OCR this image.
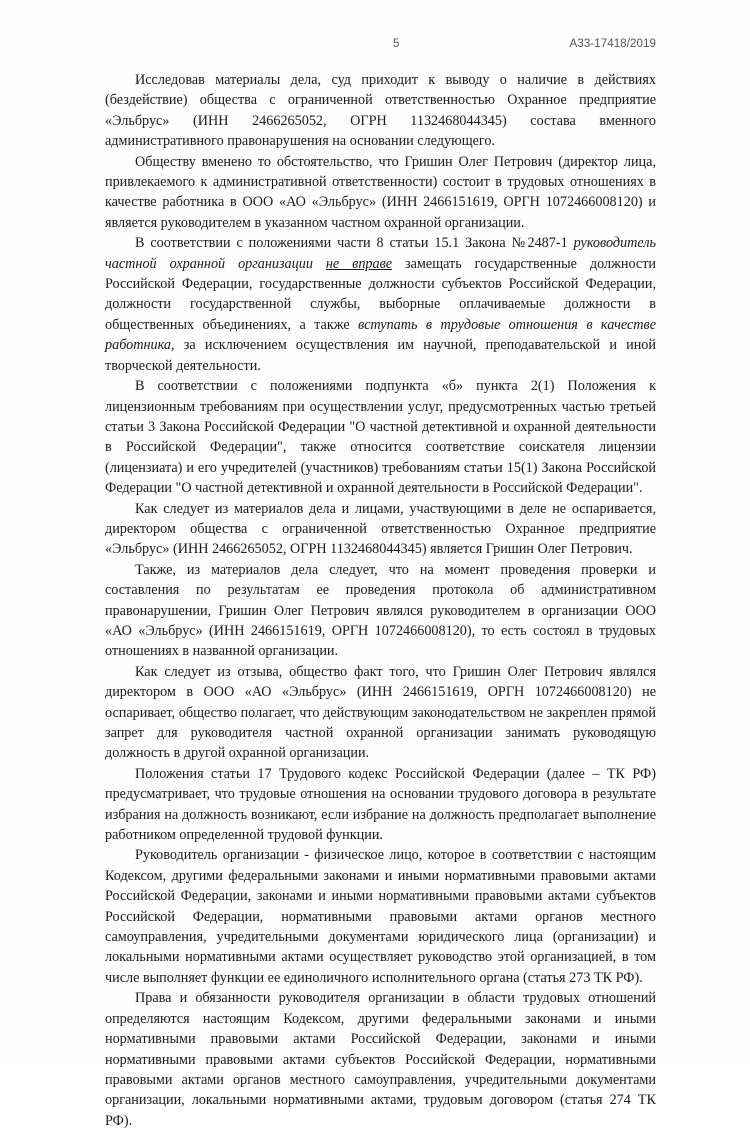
5	А33-17418/2019

Исследовав материалы дела, суд приходит к выводу о наличие в действиях (бездействие) общества с ограниченной ответственностью Охранное предприятие «Эльбрус» (ИНН 2466265052, ОГРН 1132468044345) состава вменного административного правонарушения на основании следующего.

Обществу вменено то обстоятельство, что Гришин Олег Петрович (директор лица, привлекаемого к административной ответственности) состоит в трудовых отношениях в качестве работника в ООО «АО «Эльбрус» (ИНН 2466151619, ОРГН 1072466008120) и является руководителем в указанном частном охранной организации.

В соответствии с положениями части 8 статьи 15.1 Закона №2487-1 руководитель частной охранной организации не вправе замещать государственные должности Российской Федерации, государственные должности субъектов Российской Федерации, должности государственной службы, выборные оплачиваемые должности в общественных объединениях, а также вступать в трудовые отношения в качестве работника, за исключением осуществления им научной, преподавательской и иной творческой деятельности.

В соответствии с положениями подпункта «б» пункта 2(1) Положения к лицензионным требованиям при осуществлении услуг, предусмотренных частью третьей статьи 3 Закона Российской Федерации "О частной детективной и охранной деятельности в Российской Федерации", также относится соответствие соискателя лицензии (лицензиата) и его учредителей (участников) требованиям статьи 15(1) Закона Российской Федерации "О частной детективной и охранной деятельности в Российской Федерации".

Как следует из материалов дела и лицами, участвующими в деле не оспаривается, директором общества с ограниченной ответственностью Охранное предприятие «Эльбрус» (ИНН 2466265052, ОГРН 1132468044345) является Гришин Олег Петрович.

Также, из материалов дела следует, что на момент проведения проверки и составления по результатам ее проведения протокола об административном правонарушении, Гришин Олег Петрович являлся руководителем в организации ООО «АО «Эльбрус» (ИНН 2466151619, ОРГН 1072466008120), то есть состоял в трудовых отношениях в названной организации.

Как следует из отзыва, общество факт того, что Гришин Олег Петрович являлся директором в ООО «АО «Эльбрус» (ИНН 2466151619, ОРГН 1072466008120) не оспаривает, общество полагает, что действующим законодательством не закреплен прямой запрет для руководителя частной охранной организации занимать руководящую должность в другой охранной организации.

Положения статьи 17 Трудового кодекс Российской Федерации (далее – ТК РФ) предусматривает, что трудовые отношения на основании трудового договора в результате избрания на должность возникают, если избрание на должность предполагает выполнение работником определенной трудовой функции.

Руководитель организации - физическое лицо, которое в соответствии с настоящим Кодексом, другими федеральными законами и иными нормативными правовыми актами Российской Федерации, законами и иными нормативными правовыми актами субъектов Российской Федерации, нормативными правовыми актами органов местного самоуправления, учредительными документами юридического лица (организации) и локальными нормативными актами осуществляет руководство этой организацией, в том числе выполняет функции ее единоличного исполнительного органа (статья 273 ТК РФ).

Права и обязанности руководителя организации в области трудовых отношений определяются настоящим Кодексом, другими федеральными законами и иными нормативными правовыми актами Российской Федерации, законами и иными нормативными правовыми актами субъектов Российской Федерации, нормативными правовыми актами органов местного самоуправления, учредительными документами организации, локальными нормативными актами, трудовым договором (статья 274 ТК РФ).
